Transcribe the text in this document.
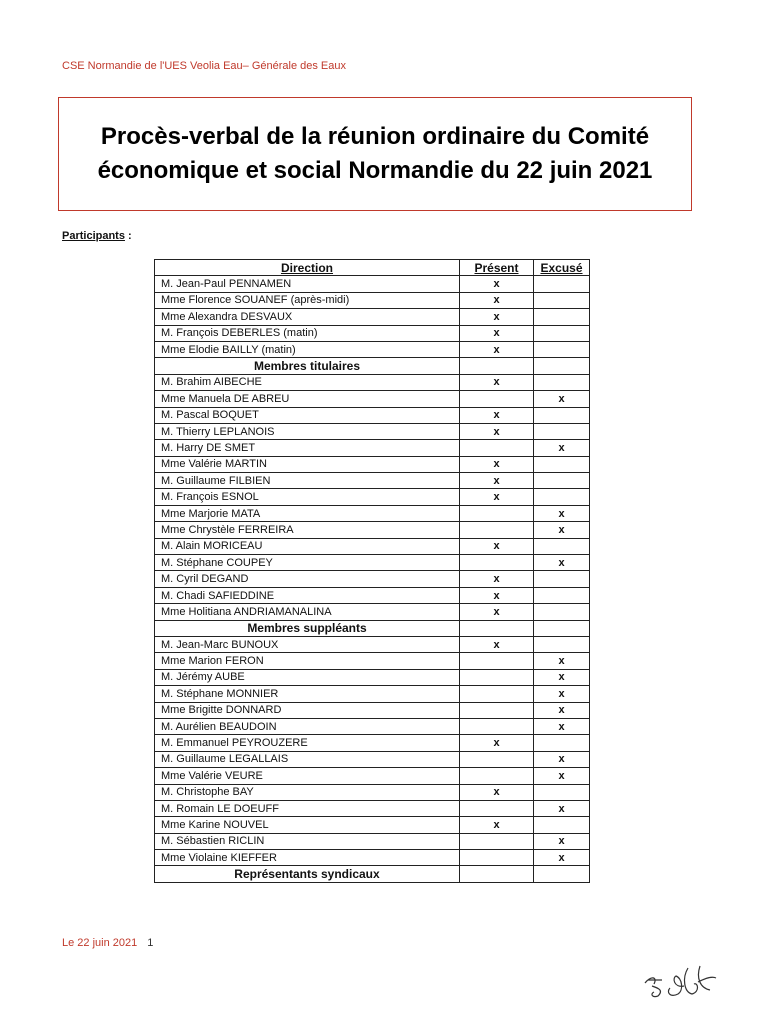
CSE Normandie de l'UES Veolia Eau– Générale des Eaux
Procès-verbal de la réunion ordinaire du Comité économique et social Normandie du 22 juin 2021
Participants :
Direction	Présent	Excusé
M. Jean-Paul PENNAMEN	x	
Mme Florence SOUANEF (après-midi)	x	
Mme Alexandra DESVAUX	x	
M. François DEBERLES (matin)	x	
Mme Elodie BAILLY (matin)	x	
Membres titulaires		
M. Brahim AIBECHE	x	
Mme Manuela DE ABREU		x
M. Pascal BOQUET	x	
M. Thierry LEPLANOIS	x	
M. Harry DE SMET		x
Mme Valérie MARTIN	x	
M. Guillaume FILBIEN	x	
M. François ESNOL	x	
Mme Marjorie MATA		x
Mme Chrystèle FERREIRA		x
M. Alain MORICEAU	x	
M. Stéphane COUPEY		x
M. Cyril DEGAND	x	
M. Chadi SAFIEDDINE	x	
Mme Holitiana ANDRIAMANALINA	x	
Membres suppléants		
M. Jean-Marc BUNOUX	x	
Mme Marion FERON		x
M. Jérémy AUBE		x
M. Stéphane MONNIER		x
Mme Brigitte DONNARD		x
M. Aurélien BEAUDOIN		x
M. Emmanuel PEYROUZERE	x	
M. Guillaume LEGALLAIS		x
Mme Valérie VEURE		x
M. Christophe BAY	x	
M. Romain LE DOEUFF		x
Mme Karine NOUVEL	x	
M. Sébastien RICLIN		x
Mme Violaine KIEFFER		x
Représentants syndicaux		
Le 22 juin 2021 1
